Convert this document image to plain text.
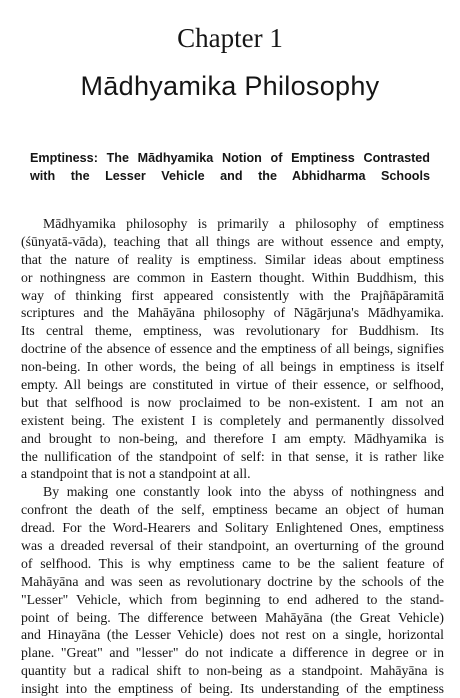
Chapter 1
Mādhyamika Philosophy
Emptiness: The Mādhyamika Notion of Emptiness Contrasted
with the Lesser Vehicle and the Abhidharma Schools
Mādhyamika philosophy is primarily a philosophy of emptiness
(śūnyatā-vāda), teaching that all things are without essence and empty,
that the nature of reality is emptiness. Similar ideas about emptiness
or nothingness are common in Eastern thought. Within Buddhism, this
way of thinking first appeared consistently with the Prajñāpāramitā
scriptures and the Mahāyāna philosophy of Nāgārjuna's Mādhyamika.
Its central theme, emptiness, was revolutionary for Buddhism. Its
doctrine of the absence of essence and the emptiness of all beings, signifies
non-being. In other words, the being of all beings in emptiness is itself
empty. All beings are constituted in virtue of their essence, or selfhood,
but that selfhood is now proclaimed to be non-existent. I am not an
existent being. The existent I is completely and permanently dissolved
and brought to non-being, and therefore I am empty. Mādhyamika is
the nullification of the standpoint of self: in that sense, it is rather like
a standpoint that is not a standpoint at all.
By making one constantly look into the abyss of nothingness and
confront the death of the self, emptiness became an object of human
dread. For the Word-Hearers and Solitary Enlightened Ones, emptiness
was a dreaded reversal of their standpoint, an overturning of the ground
of selfhood. This is why emptiness came to be the salient feature of
Mahāyāna and was seen as revolutionary doctrine by the schools of the
"Lesser" Vehicle, which from beginning to end adhered to the stand-
point of being. The difference between Mahāyāna (the Great Vehicle)
and Hinayāna (the Lesser Vehicle) does not rest on a single, horizontal
plane. "Great" and "lesser" do not indicate a difference in degree or in
quantity but a radical shift to non-being as a standpoint. Mahāyāna is
insight into the emptiness of being. Its understanding of the emptiness
